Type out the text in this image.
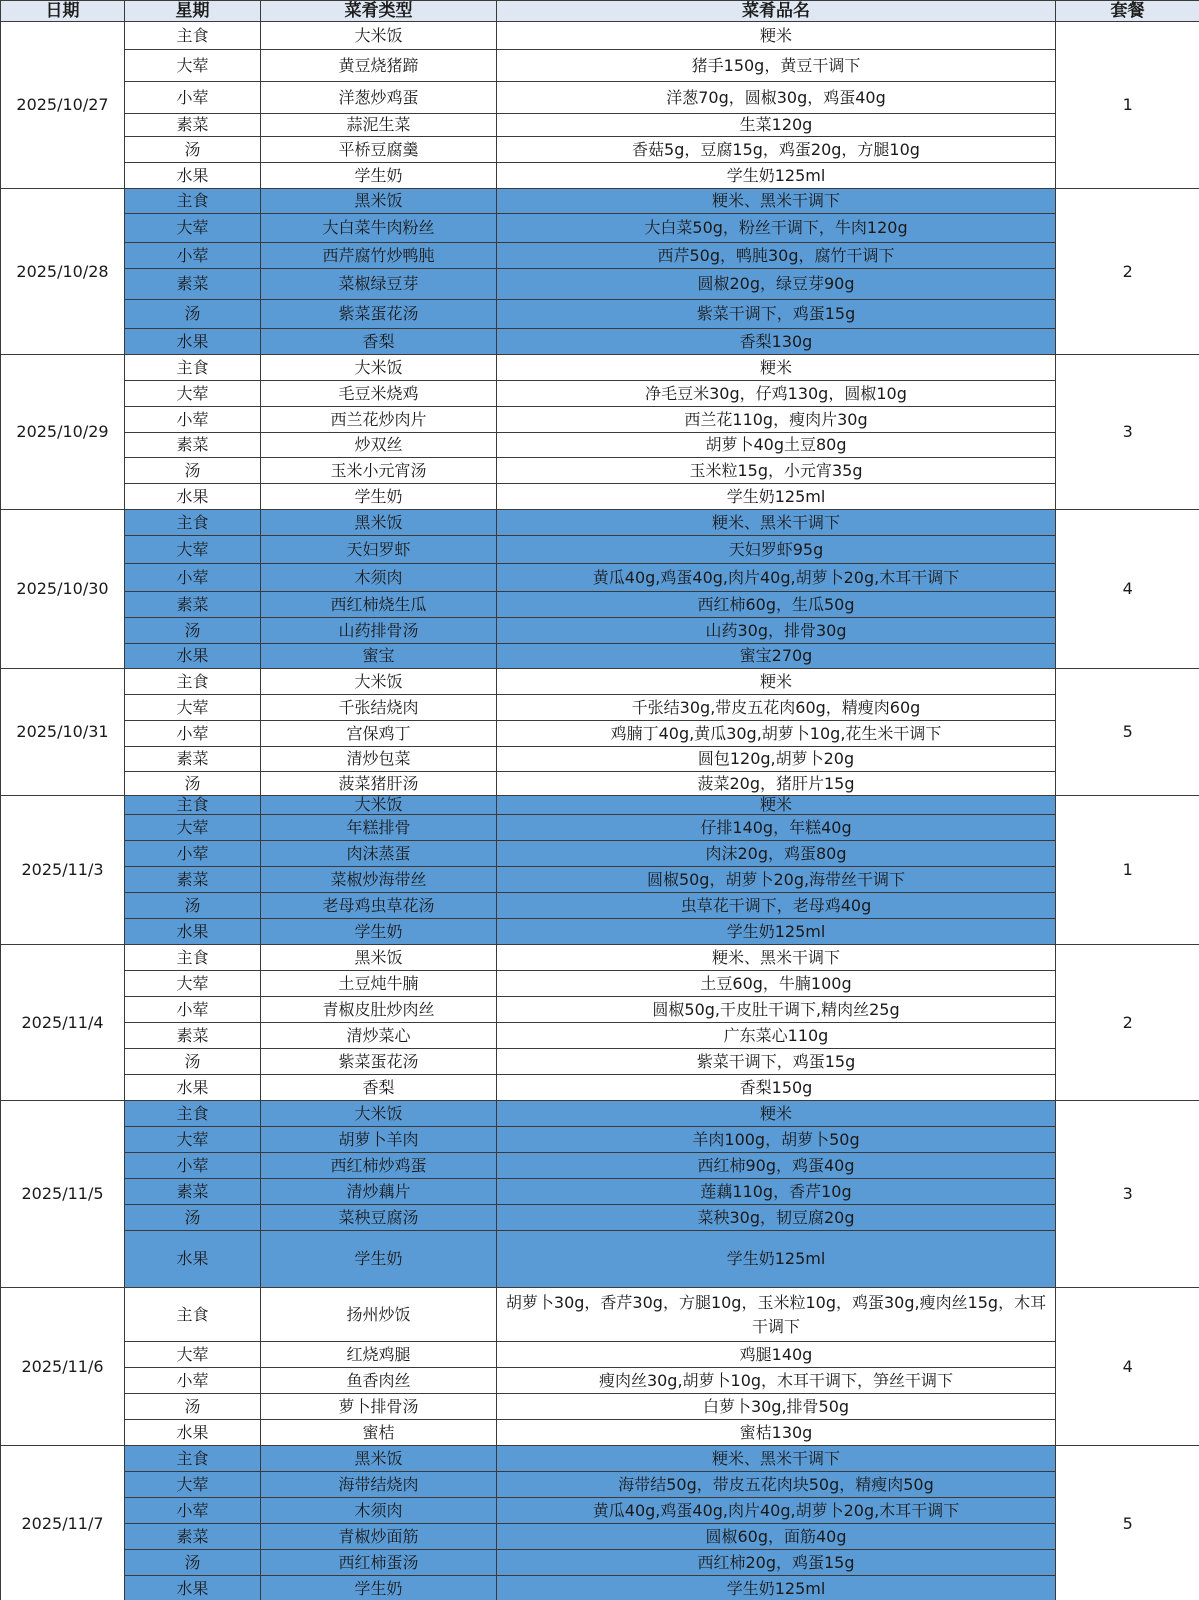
日期	星期	菜肴类型	菜肴品名	套餐
2025/10/27	主食	大米饭	粳米	1
	大荤	黄豆烧猪蹄	猪手150g，黄豆干调下	
	小荤	洋葱炒鸡蛋	洋葱70g，圆椒30g，鸡蛋40g	
	素菜	蒜泥生菜	生菜120g	
	汤	平桥豆腐羹	香菇5g，豆腐15g，鸡蛋20g，方腿10g	
	水果	学生奶	学生奶125ml	
2025/10/28	主食	黑米饭	粳米、黑米干调下	2
	大荤	大白菜牛肉粉丝	大白菜50g，粉丝干调下，牛肉120g	
	小荤	西芹腐竹炒鸭肫	西芹50g，鸭肫30g，腐竹干调下	
	素菜	菜椒绿豆芽	圆椒20g，绿豆芽90g	
	汤	紫菜蛋花汤	紫菜干调下，鸡蛋15g	
	水果	香梨	香梨130g	
2025/10/29	主食	大米饭	粳米	3
	大荤	毛豆米烧鸡	净毛豆米30g，仔鸡130g，圆椒10g	
	小荤	西兰花炒肉片	西兰花110g，瘦肉片30g	
	素菜	炒双丝	胡萝卜40g土豆80g	
	汤	玉米小元宵汤	玉米粒15g，小元宵35g	
	水果	学生奶	学生奶125ml	
2025/10/30	主食	黑米饭	粳米、黑米干调下	4
	大荤	天妇罗虾	天妇罗虾95g	
	小荤	木须肉	黄瓜40g,鸡蛋40g,肉片40g,胡萝卜20g,木耳干调下	
	素菜	西红柿烧生瓜	西红柿60g，生瓜50g	
	汤	山药排骨汤	山药30g，排骨30g	
	水果	蜜宝	蜜宝270g	
2025/10/31	主食	大米饭	粳米	5
	大荤	千张结烧肉	千张结30g,带皮五花肉60g，精瘦肉60g	
	小荤	宫保鸡丁	鸡腩丁40g,黄瓜30g,胡萝卜10g,花生米干调下	
	素菜	清炒包菜	圆包120g,胡萝卜20g	
	汤	菠菜猪肝汤	菠菜20g，猪肝片15g	
2025/11/3	主食	大米饭	粳米	1
	大荤	年糕排骨	仔排140g，年糕40g	
	小荤	肉沫蒸蛋	肉沫20g，鸡蛋80g	
	素菜	菜椒炒海带丝	圆椒50g，胡萝卜20g,海带丝干调下	
	汤	老母鸡虫草花汤	虫草花干调下，老母鸡40g	
	水果	学生奶	学生奶125ml	
2025/11/4	主食	黑米饭	粳米、黑米干调下	2
	大荤	土豆炖牛腩	土豆60g，牛腩100g	
	小荤	青椒皮肚炒肉丝	圆椒50g,干皮肚干调下,精肉丝25g	
	素菜	清炒菜心	广东菜心110g	
	汤	紫菜蛋花汤	紫菜干调下，鸡蛋15g	
	水果	香梨	香梨150g	
2025/11/5	主食	大米饭	粳米	3
	大荤	胡萝卜羊肉	羊肉100g，胡萝卜50g	
	小荤	西红柿炒鸡蛋	西红柿90g，鸡蛋40g	
	素菜	清炒藕片	莲藕110g，香芹10g	
	汤	菜秧豆腐汤	菜秧30g，韧豆腐20g	
	水果	学生奶	学生奶125ml	
2025/11/6	主食	扬州炒饭	胡萝卜30g，香芹30g，方腿10g，玉米粒10g，鸡蛋30g,瘦肉丝15g，木耳干调下	4
	大荤	红烧鸡腿	鸡腿140g	
	小荤	鱼香肉丝	瘦肉丝30g,胡萝卜10g，木耳干调下，笋丝干调下	
	汤	萝卜排骨汤	白萝卜30g,排骨50g	
	水果	蜜桔	蜜桔130g	
2025/11/7	主食	黑米饭	粳米、黑米干调下	5
	大荤	海带结烧肉	海带结50g，带皮五花肉块50g，精瘦肉50g	
	小荤	木须肉	黄瓜40g,鸡蛋40g,肉片40g,胡萝卜20g,木耳干调下	
	素菜	青椒炒面筋	圆椒60g，面筋40g	
	汤	西红柿蛋汤	西红柿20g，鸡蛋15g	
	水果	学生奶	学生奶125ml	
